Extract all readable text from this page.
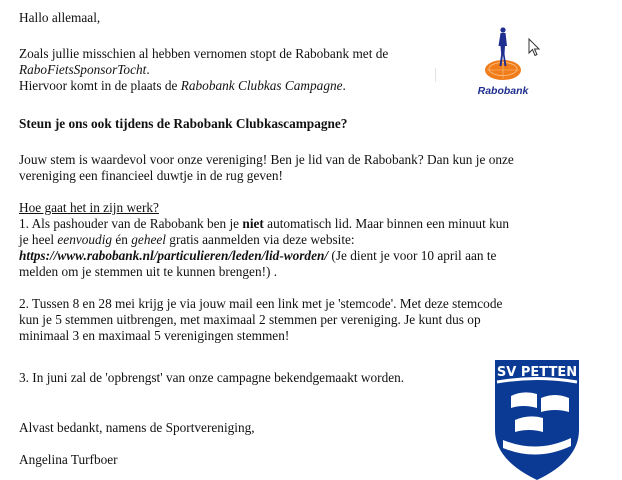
Hallo allemaal,

Zoals jullie misschien al hebben vernomen stopt de Rabobank met de
RaboFietsSponsorTocht.
Hiervoor komt in de plaats de Rabobank Clubkas Campagne.

Steun je ons ook tijdens de Rabobank Clubkascampagne?

Jouw stem is waardevol voor onze vereniging! Ben je lid van de Rabobank? Dan kun je onze
vereniging een financieel duwtje in de rug geven!

Hoe gaat het in zijn werk?

1. Als pashouder van de Rabobank ben je niet automatisch lid. Maar binnen een minuut kun
je heel eenvoudig én geheel gratis aanmelden via deze website:
https://www.rabobank.nl/particulieren/leden/lid-worden/ (Je dient je voor 10 april aan te
melden om je stemmen uit te kunnen brengen!) .
2. Tussen 8 en 28 mei krijg je via jouw mail een link met je 'stemcode'. Met deze stemcode
kun je 5 stemmen uitbrengen, met maximaal 2 stemmen per vereniging. Je kunt dus op
minimaal 3 en maximaal 5 verenigingen stemmen!

3. In juni zal de 'opbrengst' van onze campagne bekendgemaakt worden.

Alvast bedankt, namens de Sportvereniging,

Angelina Turfboer

Rabobank
SV PETTEN
